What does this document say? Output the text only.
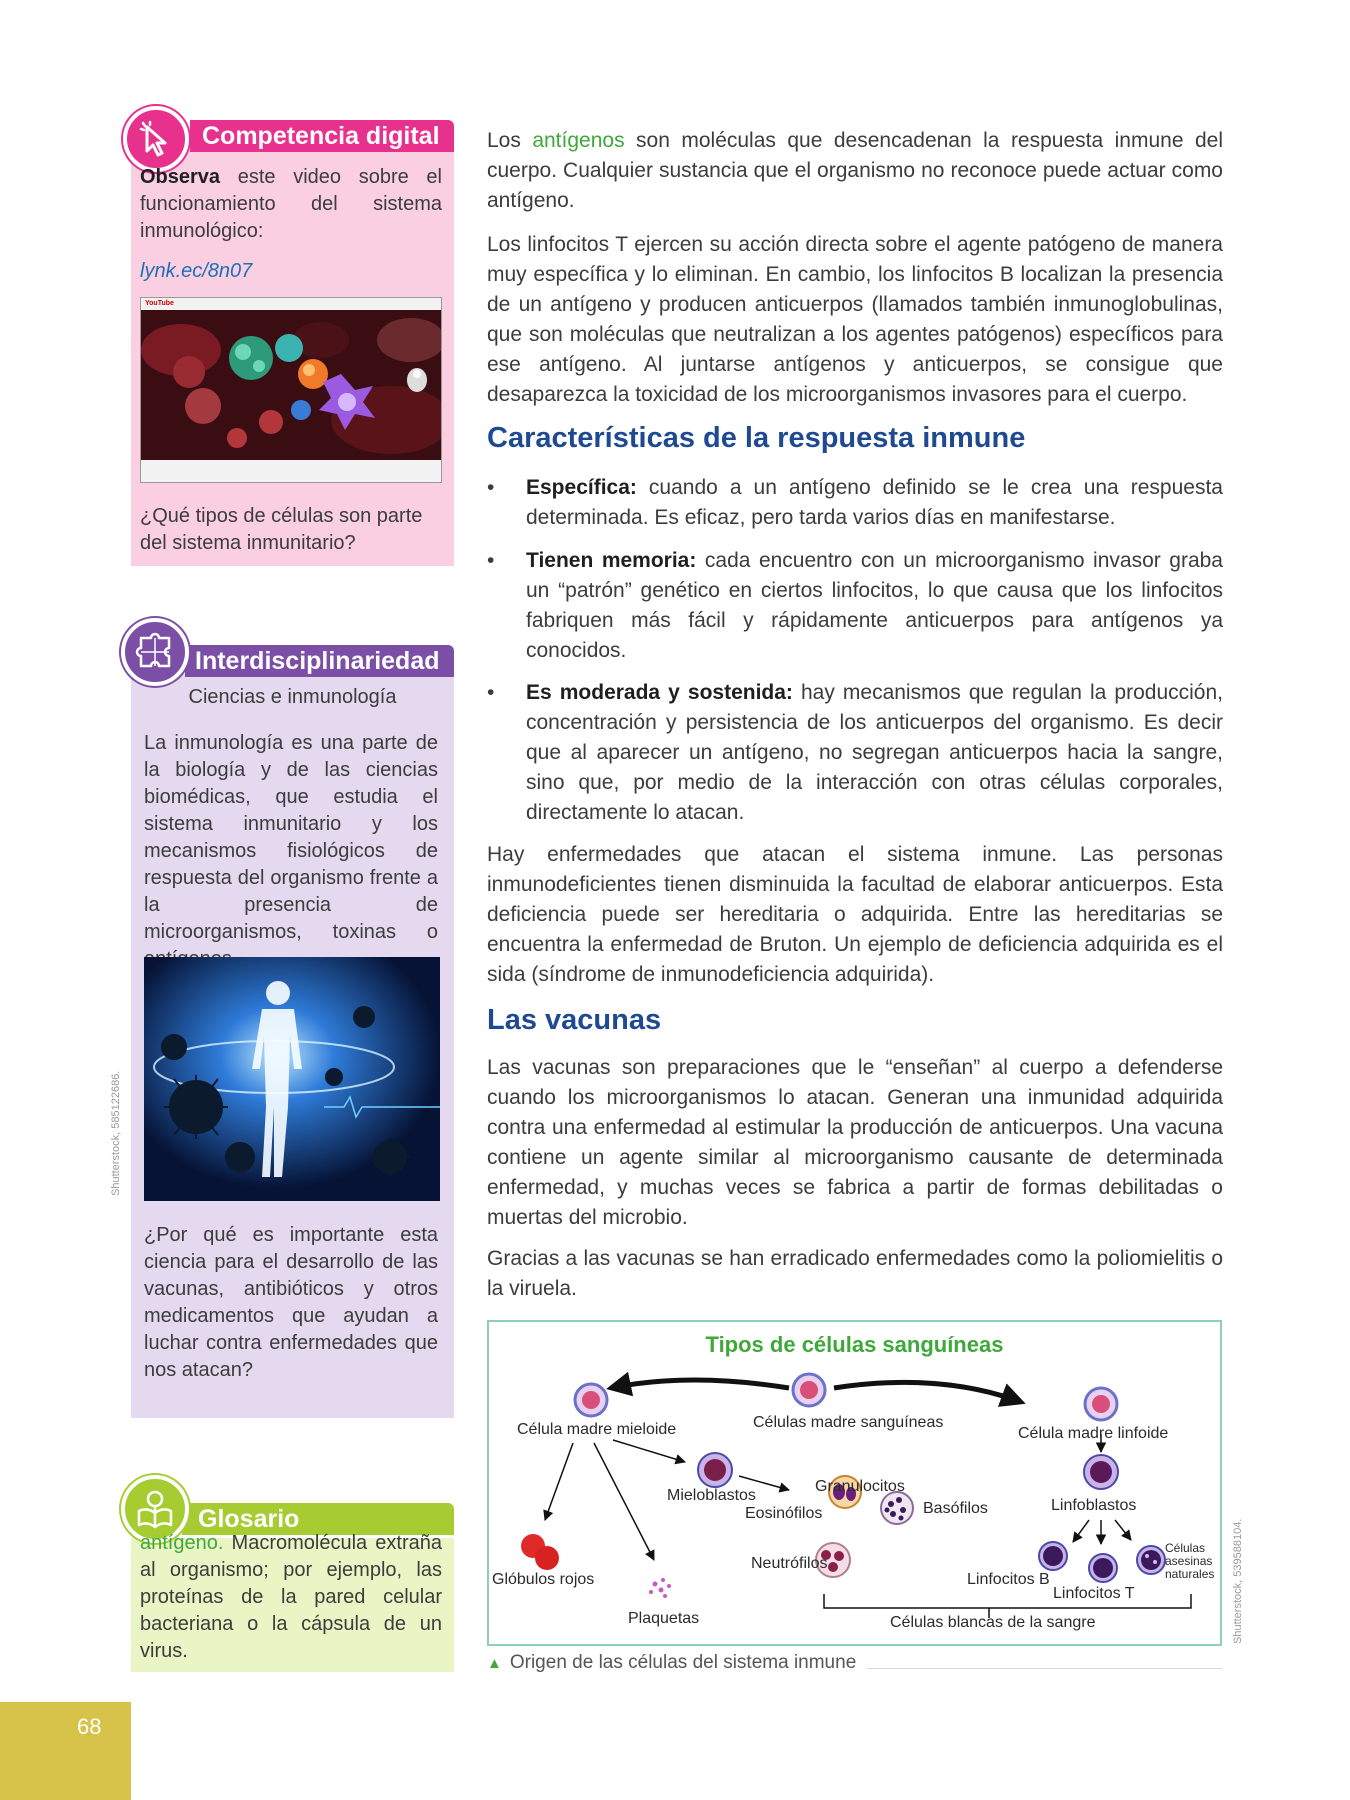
Competencia digital
Observa este video sobre el funcionamiento del sistema inmunológico:
lynk.ec/8n07
YouTube
¿Qué tipos de células son parte del sistema inmunitario?
Interdisciplinariedad
Ciencias e inmunología
La inmunología es una parte de la biología y de las ciencias biomédicas, que estudia el sistema inmunitario y los mecanismos fisiológicos de respuesta del organismo frente a la presencia de microorganismos, toxinas o
¿Por qué es importante esta ciencia para el desarrollo de las vacunas, antibióticos y otros medicamentos que ayudan a luchar contra enfermedades que nos atacan?
Shutterstock, 585122686.
Glosario
antígeno. Macromolécula extraña al organismo; por ejemplo, las proteínas de la pared celular bacteriana o la cápsula de un virus.
Los antígenos son moléculas que desencadenan la respuesta inmune del cuerpo. Cualquier sustancia que el organismo no reconoce puede actuar como antígeno.
Los linfocitos T ejercen su acción directa sobre el agente patógeno de manera muy específica y lo eliminan. En cambio, los linfocitos B localizan la presencia de un antígeno y producen anticuerpos (llamados también inmunoglobulinas, que son moléculas que neutralizan a los agentes patógenos) específicos para ese antígeno. Al juntarse antígenos y anticuerpos, se consigue que desaparezca la toxicidad de los microorganismos invasores para el cuerpo.
Características de la respuesta inmune
• Específica: cuando a un antígeno definido se le crea una respuesta determinada. Es eficaz, pero tarda varios días en manifestarse.
• Tienen memoria: cada encuentro con un microorganismo invasor graba un “patrón” genético en ciertos linfocitos, lo que causa que los linfocitos fabriquen más fácil y rápidamente anticuerpos para antígenos ya conocidos.
• Es moderada y sostenida: hay mecanismos que regulan la producción, concentración y persistencia de los anticuerpos del organismo. Es decir que al aparecer un antígeno, no segregan anticuerpos hacia la sangre, sino que, por medio de la interacción con otras células corporales, directamente lo atacan.
Hay enfermedades que atacan el sistema inmune. Las personas inmunodeficientes tienen disminuida la facultad de elaborar anticuerpos. Esta deficiencia puede ser hereditaria o adquirida. Entre las hereditarias se encuentra la enfermedad de Bruton. Un ejemplo de deficiencia adquirida es el sida (síndrome de inmunodeficiencia adquirida).
Las vacunas
Las vacunas son preparaciones que le “enseñan” al cuerpo a defenderse cuando los microorganismos lo atacan. Generan una inmunidad adquirida contra una enfermedad al estimular la producción de anticuerpos. Una vacuna contiene un agente similar al microorganismo causante de determinada enfermedad, y muchas veces se fabrica a partir de formas debilitadas o muertas del microbio.
Gracias a las vacunas se han erradicado enfermedades como la poliomielitis o la viruela.
Tipos de células sanguíneas
Célula madre mieloide	Células madre sanguíneas
Célula madre linfoide
Mieloblastos
Granulocitos
Eosinófilos	Basófilos
Neutrófilos
Linfoblastos
Glóbulos rojos
Plaquetas
Linfocitos B
Linfocitos T
Células
asesinas
naturales
Células blancas de la sangre	Shutterstock, 539588104.
▲ Origen de las células del sistema inmune
68
